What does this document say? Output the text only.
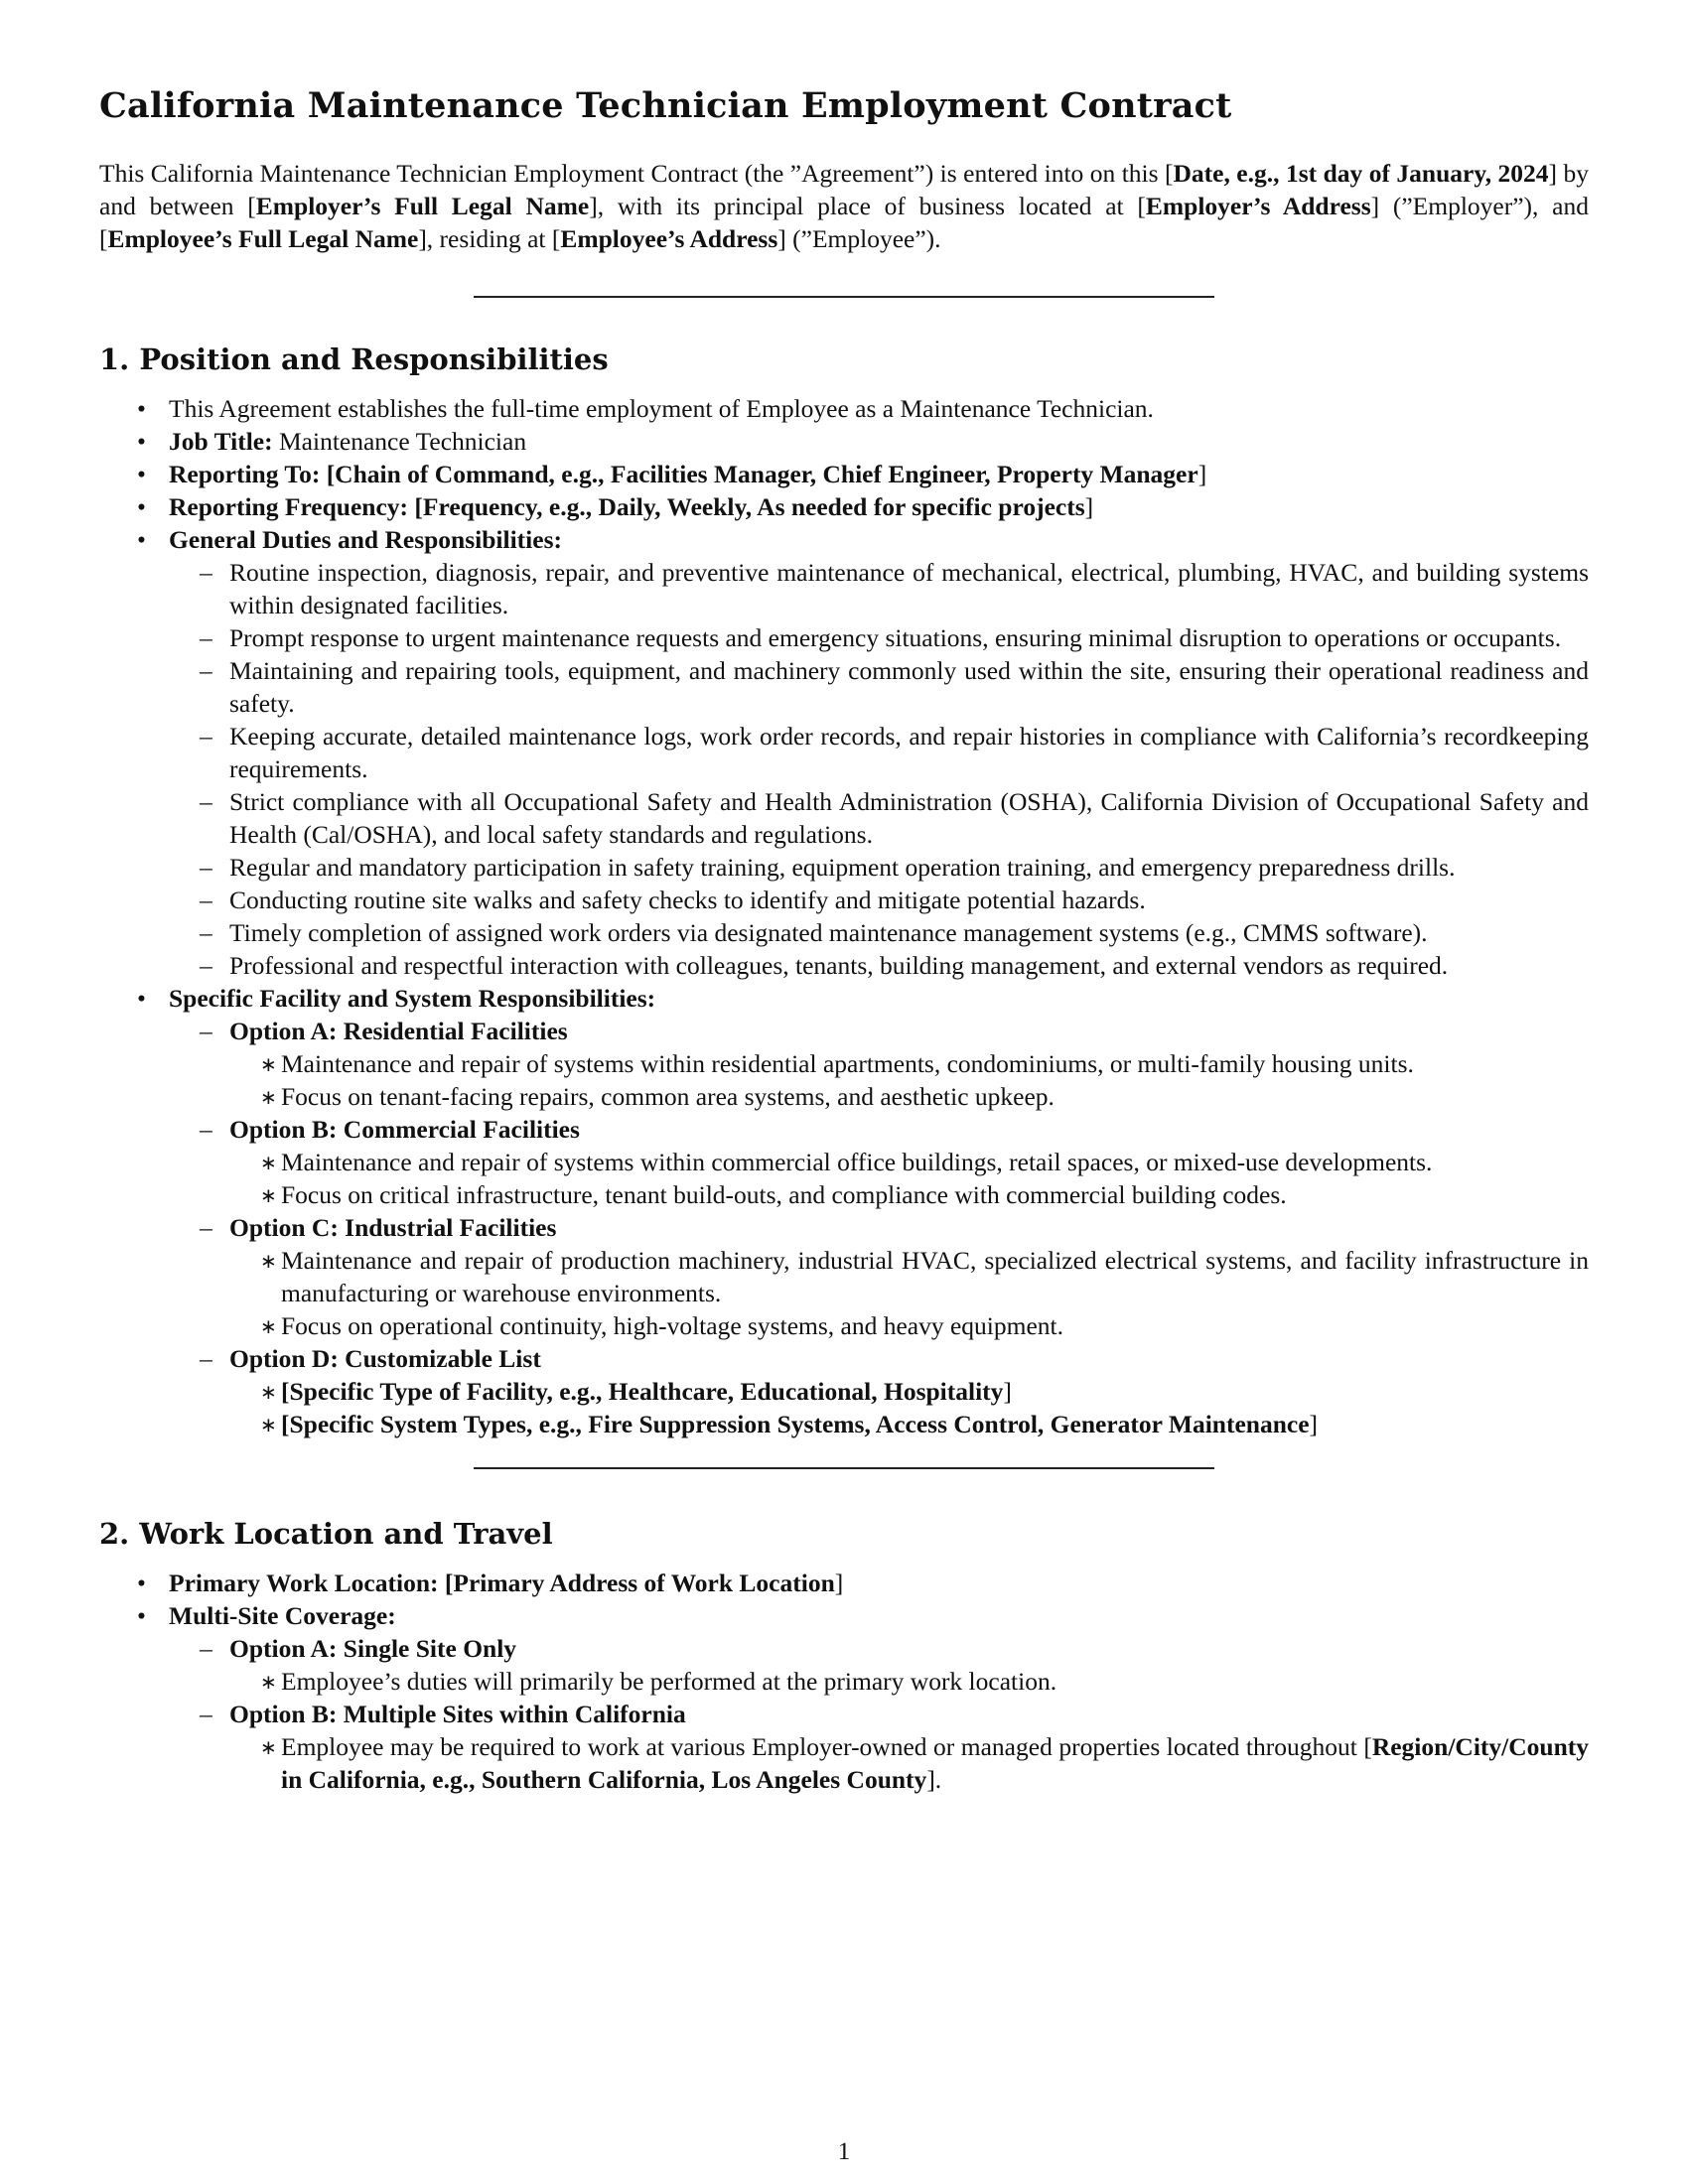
California Maintenance Technician Employment Contract

This California Maintenance Technician Employment Contract (the ”Agreement”) is entered into on this [Date, e.g., 1st day of January, 2024] by and between [Employer’s Full Legal Name], with its principal place of business located at [Employer’s Address] (”Employer”), and [Employee’s Full Legal Name], residing at [Employee’s Address] (”Employee”).

1. Position and Responsibilities
• This Agreement establishes the full-time employment of Employee as a Maintenance Technician.
• Job Title: Maintenance Technician
• Reporting To: [Chain of Command, e.g., Facilities Manager, Chief Engineer, Property Manager]
• Reporting Frequency: [Frequency, e.g., Daily, Weekly, As needed for specific projects]
• General Duties and Responsibilities:
– Routine inspection, diagnosis, repair, and preventive maintenance of mechanical, electrical, plumbing, HVAC, and building systems within designated facilities.
– Prompt response to urgent maintenance requests and emergency situations, ensuring minimal disruption to operations or occupants.
– Maintaining and repairing tools, equipment, and machinery commonly used within the site, ensuring their operational readiness and safety.
– Keeping accurate, detailed maintenance logs, work order records, and repair histories in compliance with California’s recordkeeping requirements.
– Strict compliance with all Occupational Safety and Health Administration (OSHA), California Division of Occupational Safety and Health (Cal/OSHA), and local safety standards and regulations.
– Regular and mandatory participation in safety training, equipment operation training, and emergency preparedness drills.
– Conducting routine site walks and safety checks to identify and mitigate potential hazards.
– Timely completion of assigned work orders via designated maintenance management systems (e.g., CMMS software).
– Professional and respectful interaction with colleagues, tenants, building management, and external vendors as required.
• Specific Facility and System Responsibilities:
– Option A: Residential Facilities
∗ Maintenance and repair of systems within residential apartments, condominiums, or multi-family housing units.
∗ Focus on tenant-facing repairs, common area systems, and aesthetic upkeep.
– Option B: Commercial Facilities
∗ Maintenance and repair of systems within commercial office buildings, retail spaces, or mixed-use developments.
∗ Focus on critical infrastructure, tenant build-outs, and compliance with commercial building codes.
– Option C: Industrial Facilities
∗ Maintenance and repair of production machinery, industrial HVAC, specialized electrical systems, and facility infrastructure in manufacturing or warehouse environments.
∗ Focus on operational continuity, high-voltage systems, and heavy equipment.
– Option D: Customizable List
∗ [Specific Type of Facility, e.g., Healthcare, Educational, Hospitality]
∗ [Specific System Types, e.g., Fire Suppression Systems, Access Control, Generator Maintenance]
2. Work Location and Travel
• Primary Work Location: [Primary Address of Work Location]
• Multi-Site Coverage:
– Option A: Single Site Only
∗ Employee’s duties will primarily be performed at the primary work location.
– Option B: Multiple Sites within California
∗ Employee may be required to work at various Employer-owned or managed properties located throughout [Region/City/County in California, e.g., Southern California, Los Angeles County].
1
